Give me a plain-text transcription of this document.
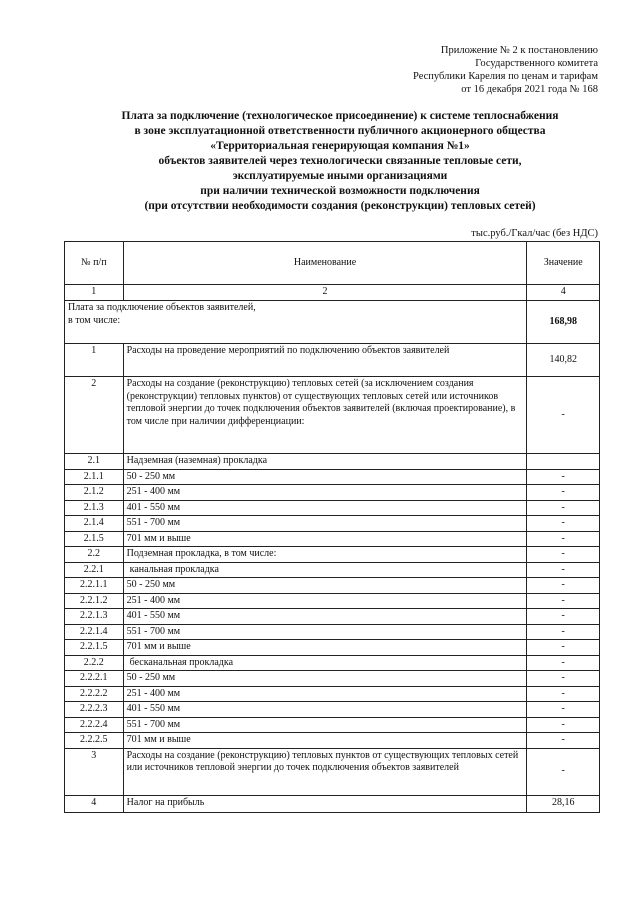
Приложение № 2 к постановлению
Государственного комитета
Республики Карелия по ценам и тарифам
от 16 декабря 2021 года № 168
Плата за подключение (технологическое присоединение) к системе теплоснабжения
в зоне эксплуатационной ответственности публичного акционерного общества
«Территориальная генерирующая компания №1»
объектов заявителей через технологически связанные тепловые сети,
эксплуатируемые иными организациями
при наличии технической возможности подключения
(при отсутствии необходимости создания (реконструкции) тепловых сетей)
тыс.руб./Гкал/час (без НДС)
№ п/п	Наименование	Значение
1	2	4
Плата за подключение объектов заявителей,
в том числе:		168,98
1	Расходы на проведение мероприятий по подключению объектов заявителей	140,82
2	Расходы на создание (реконструкцию) тепловых сетей (за исключением создания (реконструкции) тепловых пунктов) от существующих тепловых сетей или источников тепловой энергии до точек подключения объектов заявителей (включая проектирование), в том числе при наличии дифференциации:	-
2.1	Надземная (наземная) прокладка	
2.1.1	50 - 250 мм	-
2.1.2	251 - 400 мм	-
2.1.3	401 - 550 мм	-
2.1.4	551 - 700 мм	-
2.1.5	701 мм и выше	-
2.2	Подземная прокладка, в том числе:	-
2.2.1	канальная прокладка	-
2.2.1.1	50 - 250 мм	-
2.2.1.2	251 - 400 мм	-
2.2.1.3	401 - 550 мм	-
2.2.1.4	551 - 700 мм	-
2.2.1.5	701 мм и выше	-
2.2.2	бесканальная прокладка	-
2.2.2.1	50 - 250 мм	-
2.2.2.2	251 - 400 мм	-
2.2.2.3	401 - 550 мм	-
2.2.2.4	551 - 700 мм	-
2.2.2.5	701 мм и выше	-
3	Расходы на создание (реконструкцию) тепловых пунктов от существующих тепловых сетей или источников тепловой энергии до точек подключения объектов заявителей	-
4	Налог на прибыль	28,16
